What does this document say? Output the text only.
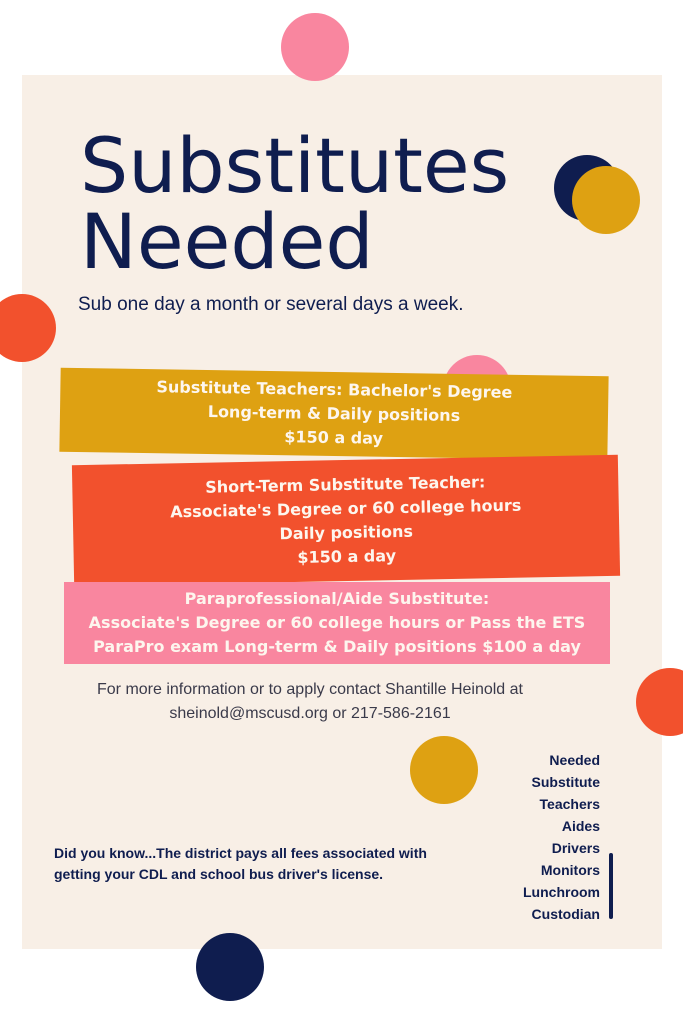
Substitutes
Needed
Sub one day a month or several days a week.
Substitute Teachers: Bachelor's Degree
Long-term & Daily positions
$150 a day
Short-Term Substitute Teacher:
Associate's Degree or 60 college hours
Daily positions
$150 a day
Paraprofessional/Aide Substitute:
Associate's Degree or 60 college hours or Pass the ETS
ParaPro exam Long-term & Daily positions $100 a day
For more information or to apply contact Shantille Heinold at
sheinold@mscusd.org or 217-586-2161
Needed
Substitute
Teachers
Aides
Drivers
Monitors
Lunchroom
Custodian
Did you know...The district pays all fees associated with getting your CDL and school bus driver's license.
